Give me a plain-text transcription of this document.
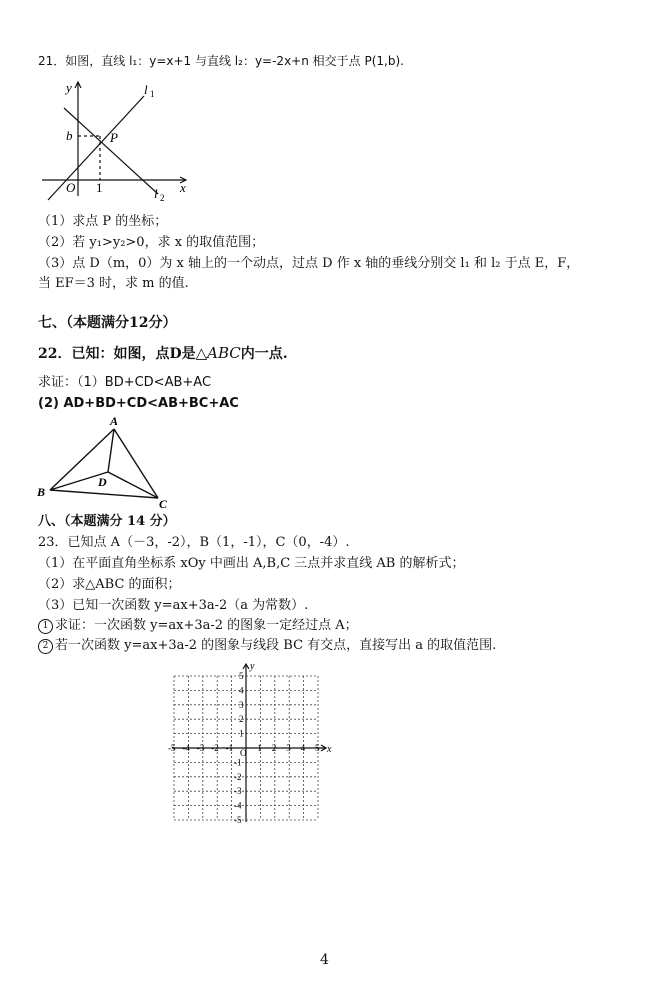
21．如图，直线 l₁：y=x+1 与直线 l₂：y=-2x+n 相交于点 P(1,b).
y
x
l 1
l 2
b	P
O 1
（1）求点 P 的坐标；
（2）若 y₁>y₂>0，求 x 的取值范围；
（3）点 D（m，0）为 x 轴上的一个动点，过点 D 作 x 轴的垂线分别交 l₁ 和 l₂ 于点 E，F，
当 EF＝3 时，求 m 的值.
七、（本题满分12分）
22．已知：如图，点D是△ABC内一点.
求证：（1）BD+CD<AB+AC
(2) AD+BD+CD<AB+BC+AC
A
B
C
D
八、（本题满分 14 分）
23．已知点 A（－3，-2），B（1，-1），C（0，-4）.
（1）在平面直角坐标系 xOy 中画出 A,B,C 三点并求直线 AB 的解析式；
（2）求△ABC 的面积；
（3）已知一次函数 y=ax+3a-2（a 为常数）.
1 求证：一次函数 y=ax+3a-2 的图象一定经过点 A；
2 若一次函数 y=ax+3a-2 的图象与线段 BC 有交点，直接写出 a 的取值范围.
-5 -4 -3 -2 -1	1 2 3 4 5
5
4
3
2
1
-1
-2
-3
-4
-5
x
y
O
4
